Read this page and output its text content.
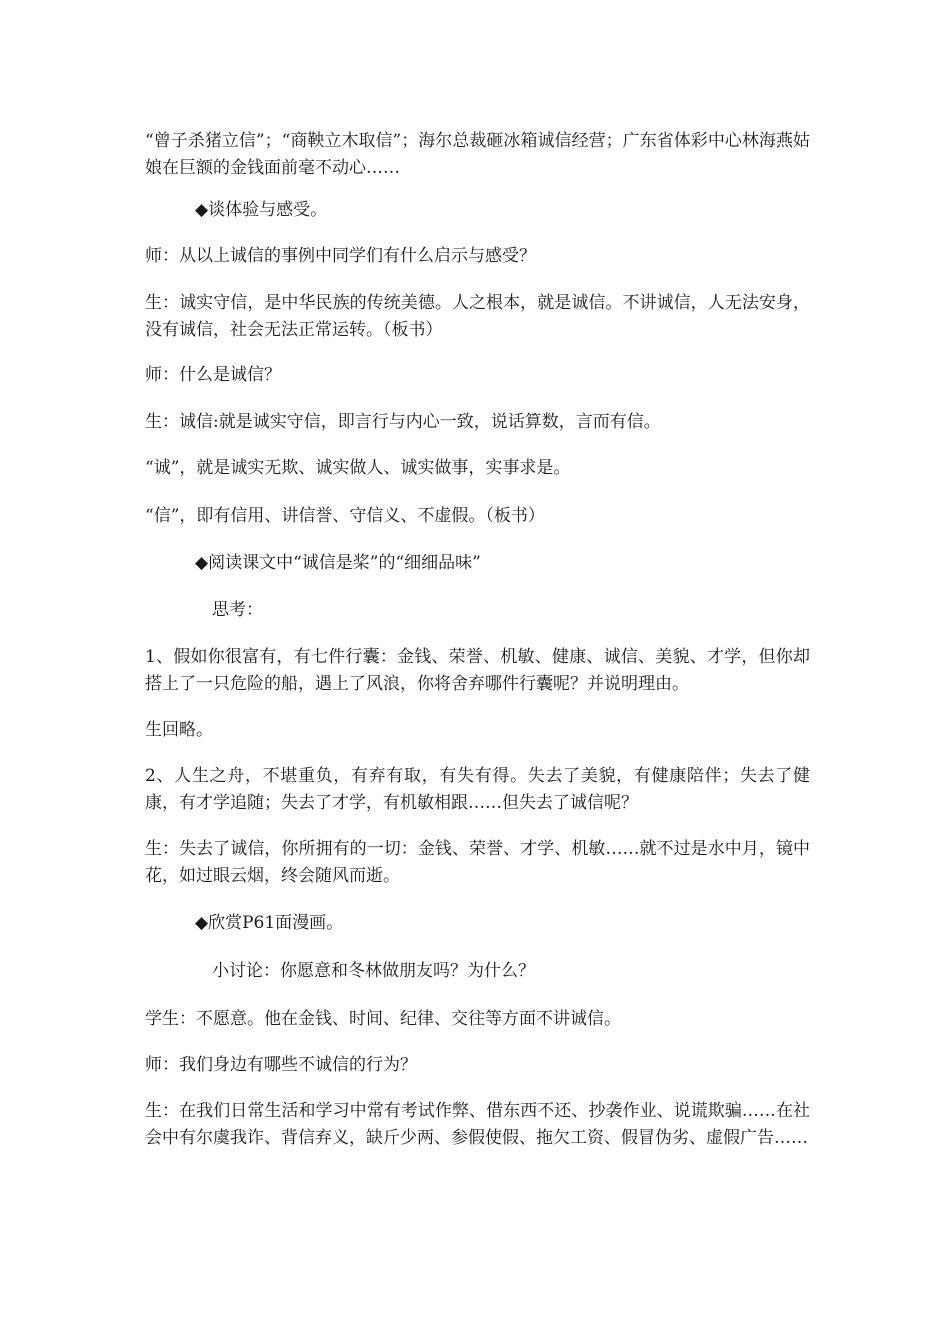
“曾子杀猪立信”；“商鞅立木取信”；海尔总裁砸冰箱诚信经营；广东省体彩中心林海燕姑娘在巨额的金钱面前毫不动心……

◆谈体验与感受。

师：从以上诚信的事例中同学们有什么启示与感受？

生：诚实守信，是中华民族的传统美德。人之根本，就是诚信。不讲诚信，人无法安身，没有诚信，社会无法正常运转。（板书）

师：什么是诚信？

生：诚信:就是诚实守信，即言行与内心一致，说话算数，言而有信。

“诚”，就是诚实无欺、诚实做人、诚实做事，实事求是。

“信”，即有信用、讲信誉、守信义、不虚假。（板书）

◆阅读课文中“诚信是桨”的“细细品味”

思考：

1、假如你很富有，有七件行囊：金钱、荣誉、机敏、健康、诚信、美貌、才学，但你却搭上了一只危险的船，遇上了风浪，你将舍弃哪件行囊呢？并说明理由。

生回略。

2、人生之舟，不堪重负，有弃有取，有失有得。失去了美貌，有健康陪伴；失去了健康，有才学追随；失去了才学，有机敏相跟……但失去了诚信呢？

生：失去了诚信，你所拥有的一切：金钱、荣誉、才学、机敏……就不过是水中月，镜中花，如过眼云烟，终会随风而逝。

◆欣赏P61面漫画。

小讨论：你愿意和冬林做朋友吗？为什么？

学生：不愿意。他在金钱、时间、纪律、交往等方面不讲诚信。

师：我们身边有哪些不诚信的行为？

生：在我们日常生活和学习中常有考试作弊、借东西不还、抄袭作业、说谎欺骗……在社会中有尔虞我诈、背信弃义，缺斤少两、参假使假、拖欠工资、假冒伪劣、虚假广告……
